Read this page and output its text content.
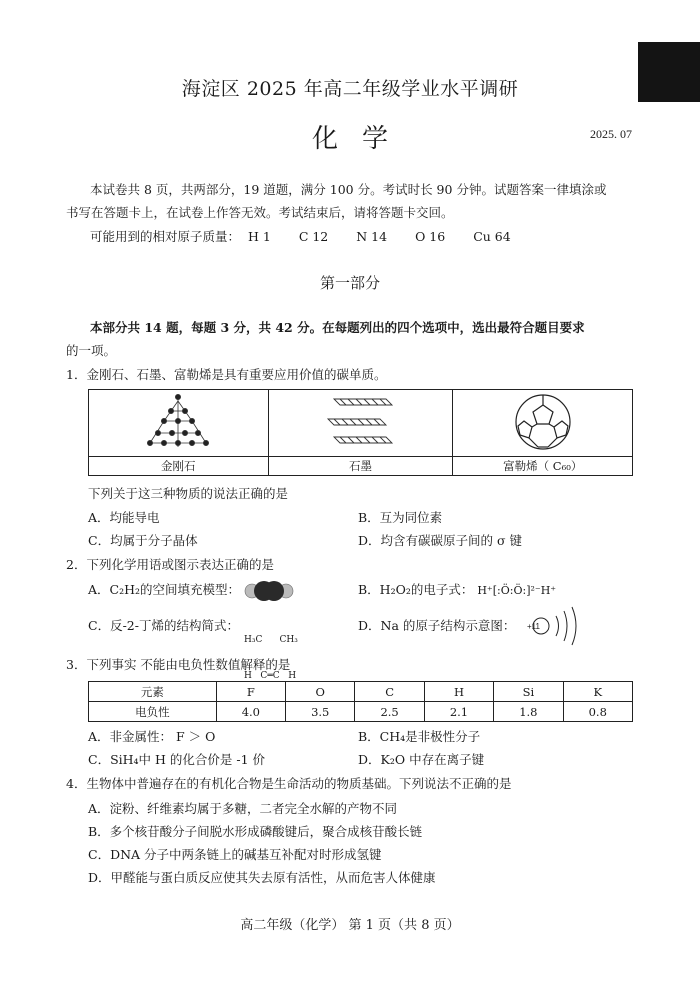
海淀区 2025 年高二年级学业水平调研
化学	2025. 07
本试卷共 8 页，共两部分，19 道题，满分 100 分。考试时长 90 分钟。试题答案一律填涂或
书写在答题卡上，在试卷上作答无效。考试结束后，请将答题卡交回。
可能用到的相对原子质量： H 1 C 12 N 14 O 16 Cu 64
第一部分
本部分共 14 题，每题 3 分，共 42 分。在每题列出的四个选项中，选出最符合题目要求
的一项。
1．金刚石、石墨、富勒烯是具有重要应用价值的碳单质。

金刚石	石墨	富勒烯（ C₆₀）
下列关于这三种物质的说法正确的是
A．均能导电	B．互为同位素
C．均属于分子晶体	D．均含有碳碳原子间的 σ 键
2．下列化学用语或图示表达正确的是
A．C₂H₂的空间填充模型：	B．H₂O₂的电子式： H⁺[:Ö:Ö:]²⁻H⁺
C．反-2-丁烯的结构简式：

H₃C      CH₃

H   C═C   H

D．Na 的原子结构示意图： +11
3．下列事实 不能由电负性数值解释的是
元素	F	O	C	H	Si	K
电负性	4.0	3.5	2.5	2.1	1.8	0.8
A．非金属性： F ＞ O	B．CH₄是非极性分子
C．SiH₄中 H 的化合价是 -1 价	D．K₂O 中存在离子键
4．生物体中普遍存在的有机化合物是生命活动的物质基础。下列说法不正确的是
A．淀粉、纤维素均属于多糖，二者完全水解的产物不同
B．多个核苷酸分子间脱水形成磷酸键后，聚合成核苷酸长链
C．DNA 分子中两条链上的碱基互补配对时形成氢键
D．甲醛能与蛋白质反应使其失去原有活性，从而危害人体健康
高二年级（化学） 第 1 页（共 8 页）
